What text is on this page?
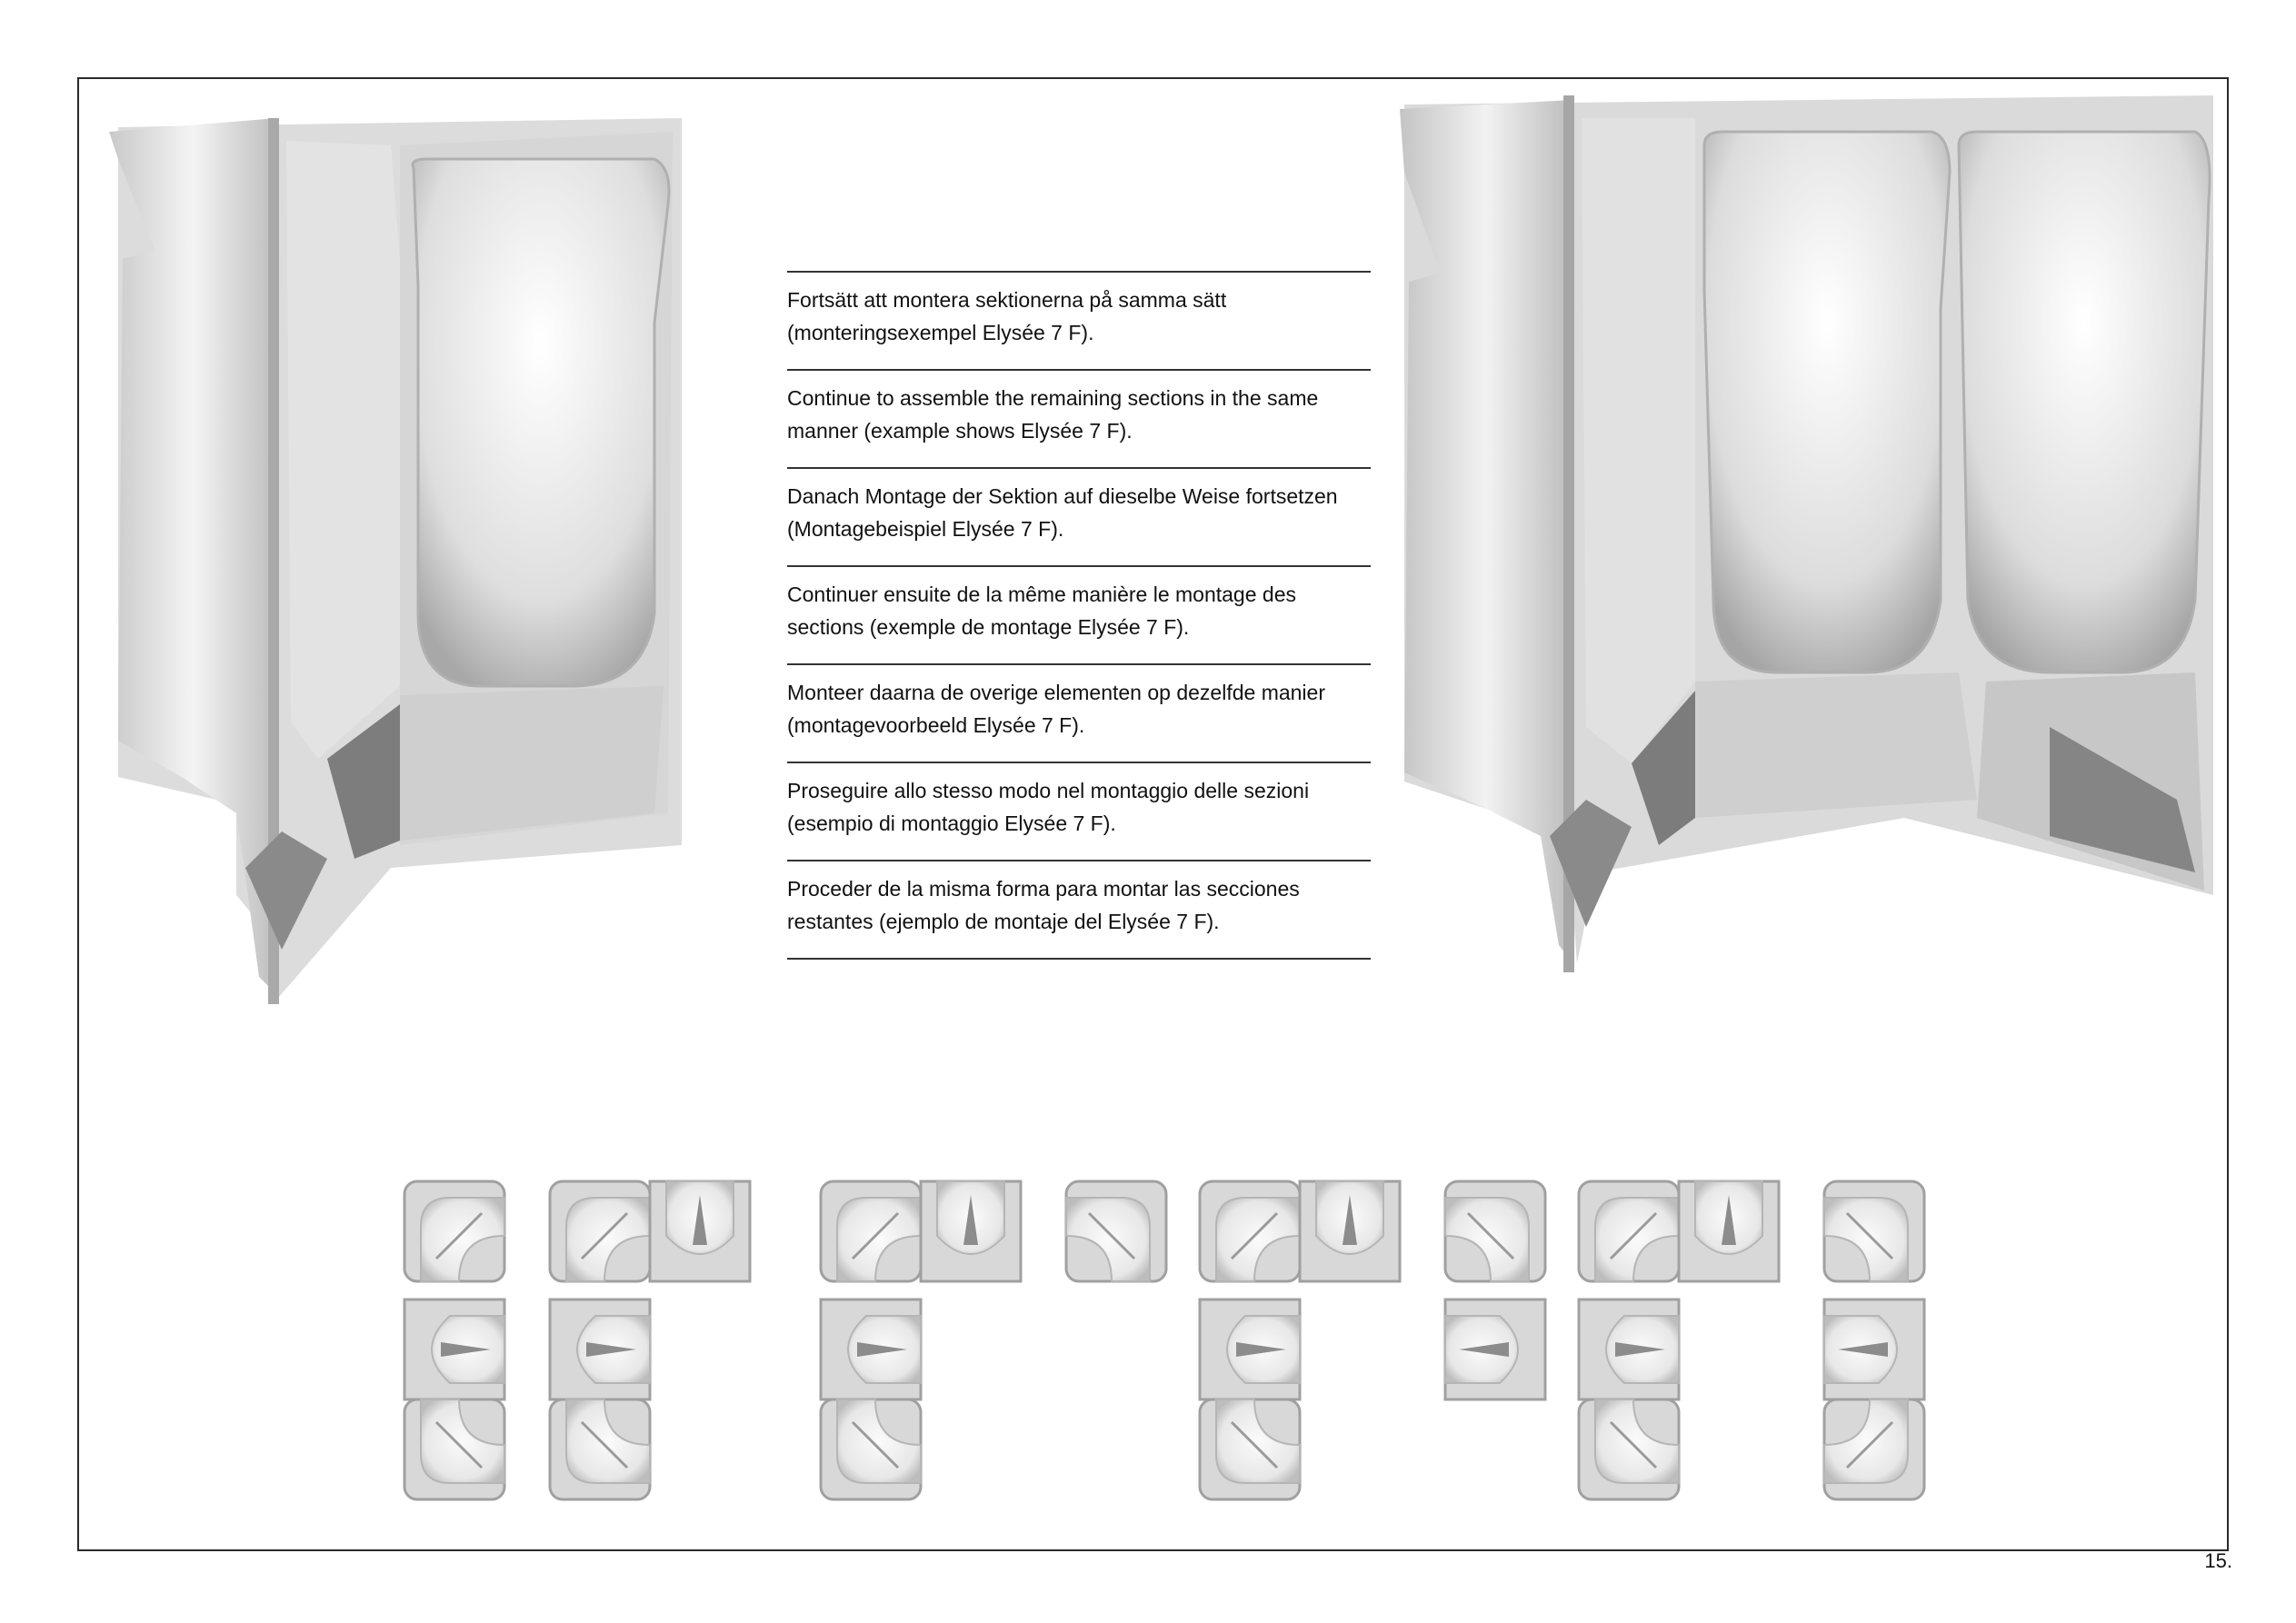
Fortsätt att montera sektionerna på samma sätt
(monteringsexempel Elysée 7 F).
Continue to assemble the remaining sections in the same
manner (example shows Elysée 7 F).
Danach Montage der Sektion auf dieselbe Weise fortsetzen
(Montagebeispiel Elysée 7 F).
Continuer ensuite de la même manière le montage des
sections (exemple de montage Elysée 7 F).
Monteer daarna de overige elementen op dezelfde manier
(montagevoorbeeld Elysée 7 F).
Proseguire allo stesso modo nel montaggio delle sezioni
(esempio di montaggio Elysée 7 F).
Proceder de la misma forma para montar las secciones
restantes (ejemplo de montaje del Elysée 7 F).
15.
